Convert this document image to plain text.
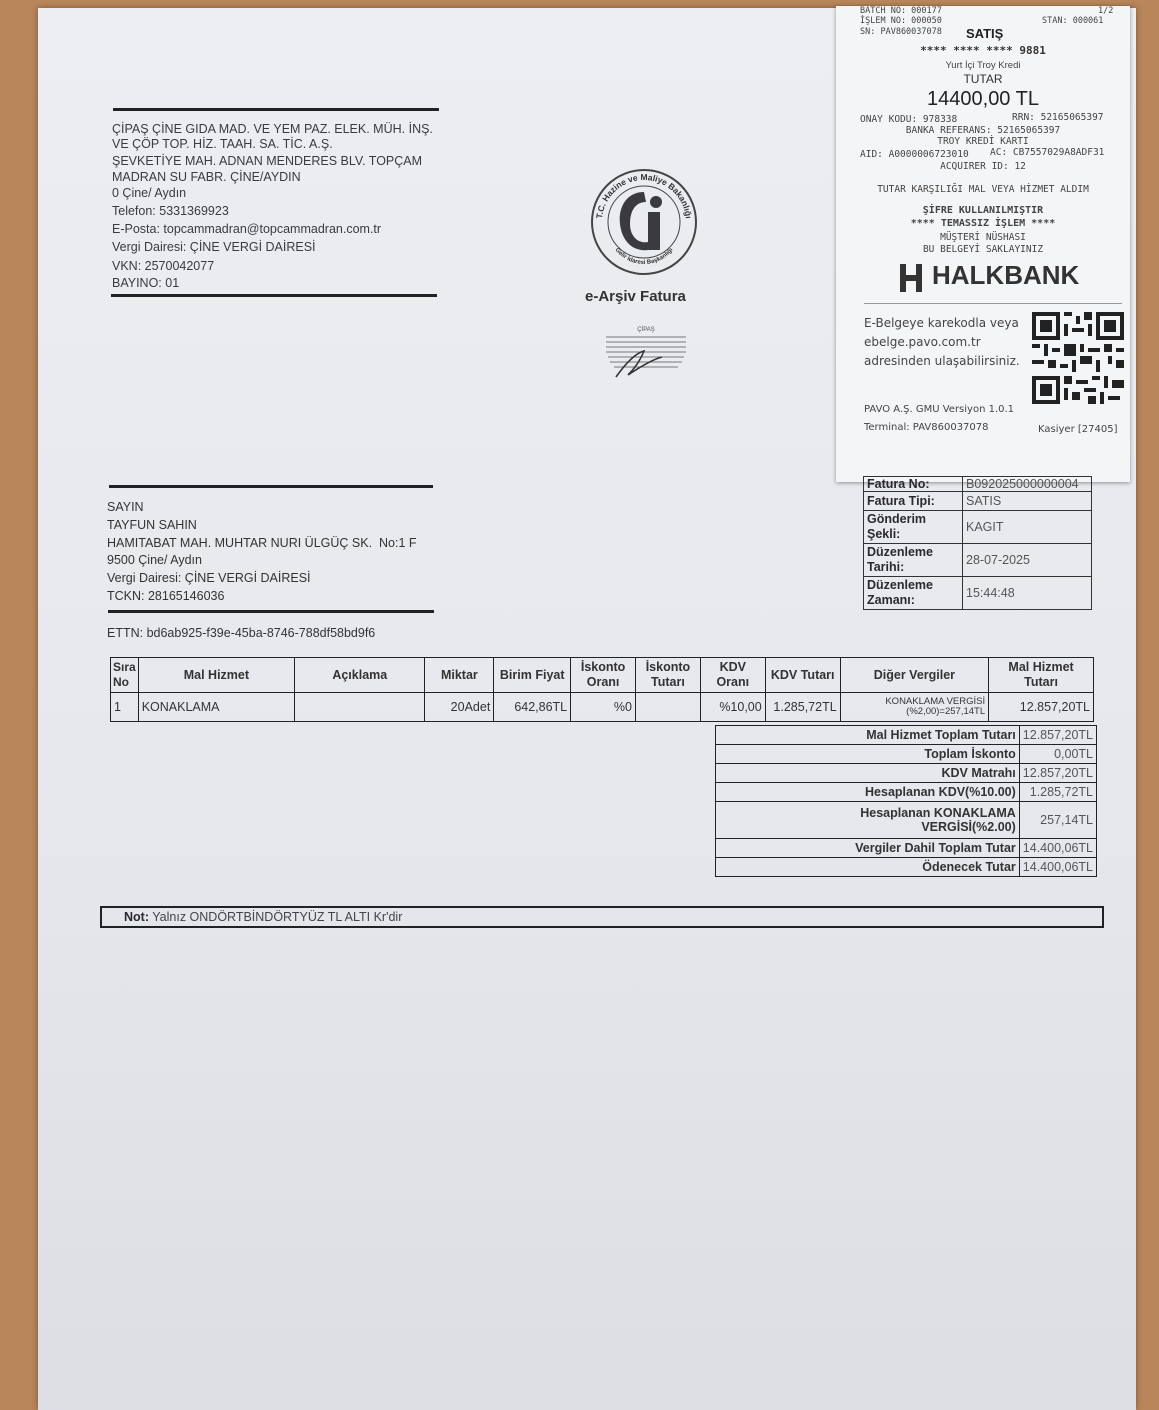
ÇİPAŞ ÇİNE GIDA MAD. VE YEM PAZ. ELEK. MÜH. İNŞ.
VE ÇÖP TOP. HİZ. TAAH. SA. TİC. A.Ş.
ŞEVKETİYE MAH. ADNAN MENDERES BLV. TOPÇAM
MADRAN SU FABR. ÇİNE/AYDIN
0 Çine/ Aydın
Telefon: 5331369923
E-Posta: topcammadran@topcammadran.com.tr
Vergi Dairesi: ÇİNE VERGİ DAİRESİ
VKN: 2570042077
BAYINO: 01
T.C. Hazine ve Maliye Bakanlığı
Gelir İdaresi Başkanlığı
e-Arşiv Fatura
ÇİPAŞ
BATCH NO: 000177	1/2
İŞLEM NO: 000050	STAN: 000061
SN: PAV860037078 SATIŞ
**** **** **** 9881
Yurt İçi Troy Kredi
TUTAR
14400,00 TL
ONAY KODU: 978338	RRN: 52165065397
BANKA REFERANS: 52165065397
TROY KREDİ KARTI
AID: A0000006723010 AC: CB7557029A8ADF31
ACQUIRER ID: 12
TUTAR KARŞILIĞI MAL VEYA HİZMET ALDIM
ŞİFRE KULLANILMIŞTIR
**** TEMASSIZ İŞLEM ****
MÜŞTERİ NÜSHASI
BU BELGEYİ SAKLAYINIZ
HALKBANK
E-Belgeye karekodla veya
ebelge.pavo.com.tr
adresinden ulaşabilirsiniz.
PAVO A.Ş. GMU Versiyon 1.0.1
Terminal: PAV860037078	Kasiyer [27405]
Fatura No:	B092025000000004
Fatura Tipi:	SATIS
Gönderim Şekli:	KAGIT
Düzenleme Tarihi:	28-07-2025
Düzenleme Zamanı:	15:44:48
SAYIN
TAYFUN SAHIN
HAMITABAT MAH. MUHTAR NURI ÜLGÜÇ SK.  No:1 F
9500 Çine/ Aydın
Vergi Dairesi: ÇİNE VERGİ DAİRESİ
TCKN: 28165146036
ETTN: bd6ab925-f39e-45ba-8746-788df58bd9f6
Sıra No	Mal Hizmet	Açıklama	Miktar	Birim Fiyat	İskonto Oranı	İskonto Tutarı	KDV Oranı	KDV Tutarı	Diğer Vergiler	Mal Hizmet Tutarı
1	KONAKLAMA		20Adet	642,86TL	%0		%10,00	1.285,72TL	KONAKLAMA VERGİSİ
(%2,00)=257,14TL	12.857,20TL
Mal Hizmet Toplam Tutarı	12.857,20TL
Toplam İskonto	0,00TL
KDV Matrahı	12.857,20TL
Hesaplanan KDV(%10.00)	1.285,72TL
Hesaplanan KONAKLAMA VERGİSİ(%2.00)	257,14TL
Vergiler Dahil Toplam Tutar	14.400,06TL
Ödenecek Tutar	14.400,06TL
Not: Yalnız ONDÖRTBİNDÖRTYÜZ TL ALTI Kr'dir
